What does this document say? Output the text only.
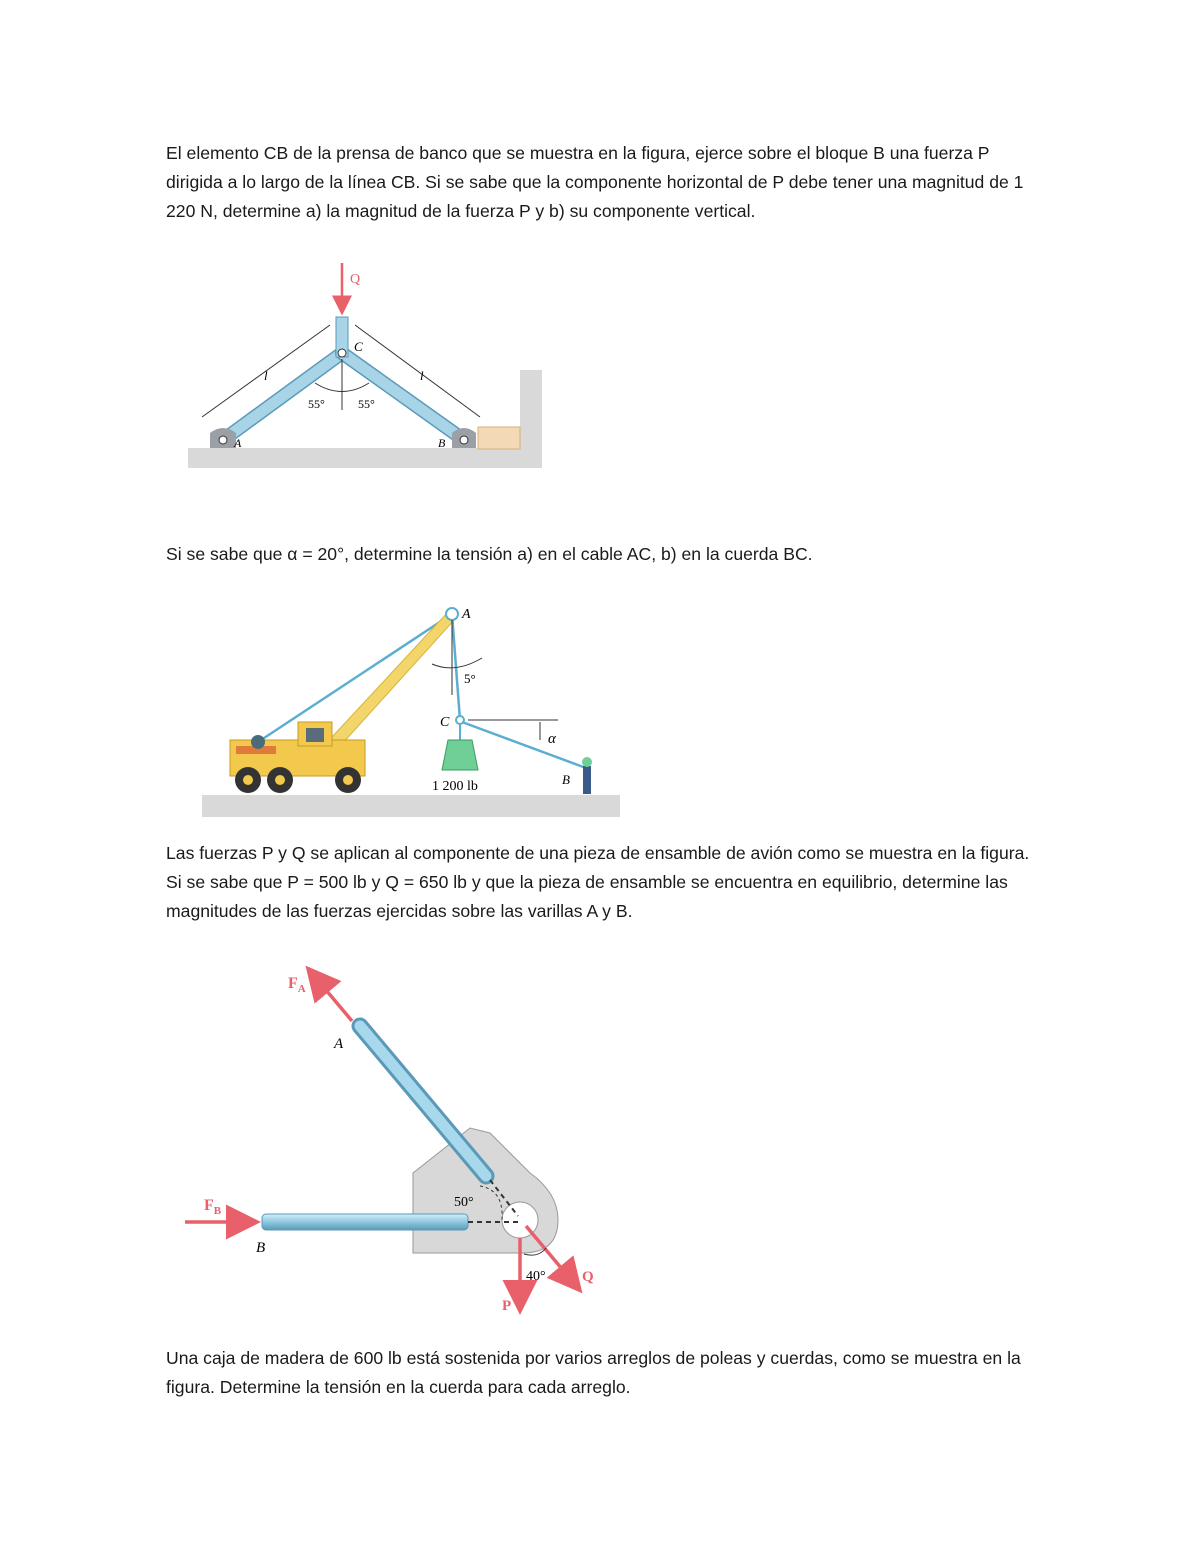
El elemento CB de la prensa de banco que se muestra en la figura, ejerce sobre el bloque B una fuerza P dirigida a lo largo de la línea CB. Si se sabe que la componente horizontal de P debe tener una magnitud de 1 220 N, determine a) la magnitud de la fuerza P y b) su componente vertical.

Q
C
A	B
l	l
55°	55°

Si se sabe que α = 20°, determine la tensión a) en el cable AC, b) en la cuerda BC.

A
5°
C
1 200 lb
α
B

Las fuerzas P y Q se aplican al componente de una pieza de ensamble de avión como se muestra en la figura. Si se sabe que P = 500 lb y Q = 650 lb y que la pieza de ensamble se encuentra en equilibrio, determine las magnitudes de las fuerzas ejercidas sobre las varillas A y B.

50°
$F_A$
A
$F_B$
B
P
Q
40°

Una caja de madera de 600 lb está sostenida por varios arreglos de poleas y cuerdas, como se muestra en la figura. Determine la tensión en la cuerda para cada arreglo.
